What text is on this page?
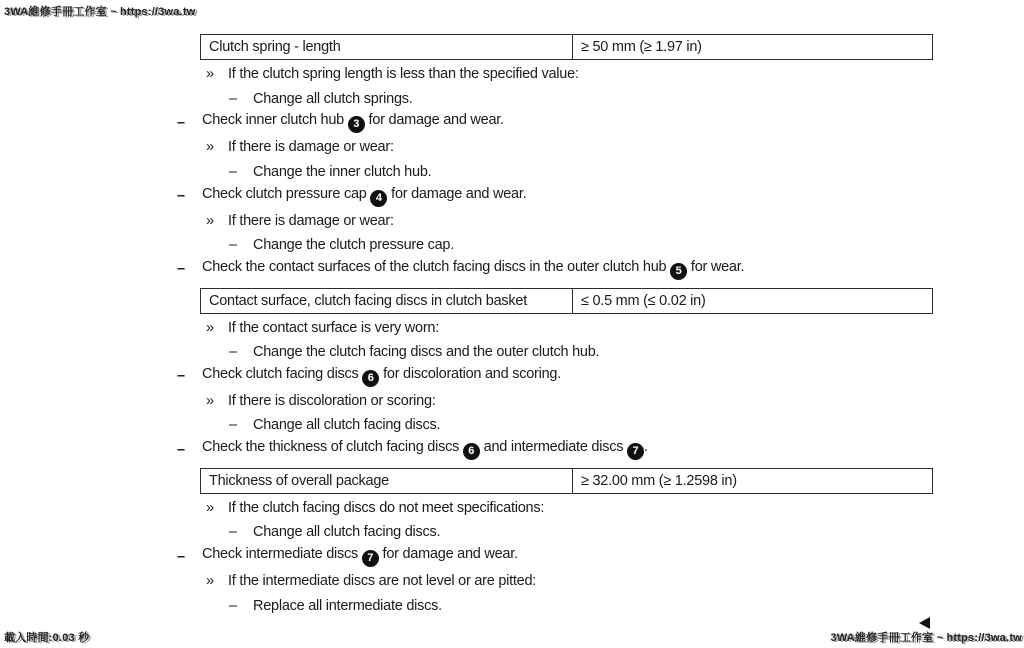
3WA維修手冊工作室 ~ https://3wa.tw
Clutch spring - length	≥ 50 mm (≥ 1.97 in)
» If the clutch spring length is less than the specified value:
–	Change all clutch springs.
–	Check inner clutch hub 3 for damage and wear.
» If there is damage or wear:
–	Change the inner clutch hub.
–	Check clutch pressure cap 4 for damage and wear.
» If there is damage or wear:
–	Change the clutch pressure cap.
–	Check the contact surfaces of the clutch facing discs in the outer clutch hub 5 for wear.
Contact surface, clutch facing discs in clutch basket	≤ 0.5 mm (≤ 0.02 in)
» If the contact surface is very worn:
–	Change the clutch facing discs and the outer clutch hub.
–	Check clutch facing discs 6 for discoloration and scoring.
» If there is discoloration or scoring:
–	Change all clutch facing discs.
–	Check the thickness of clutch facing discs 6 and intermediate discs 7 .
Thickness of overall package	≥ 32.00 mm (≥ 1.2598 in)
» If the clutch facing discs do not meet specifications:
–	Change all clutch facing discs.
–	Check intermediate discs 7 for damage and wear.
» If the intermediate discs are not level or are pitted:
–	Replace all intermediate discs.
載入時間:0.03 秒	3WA維修手冊工作室 ~ https://3wa.tw
